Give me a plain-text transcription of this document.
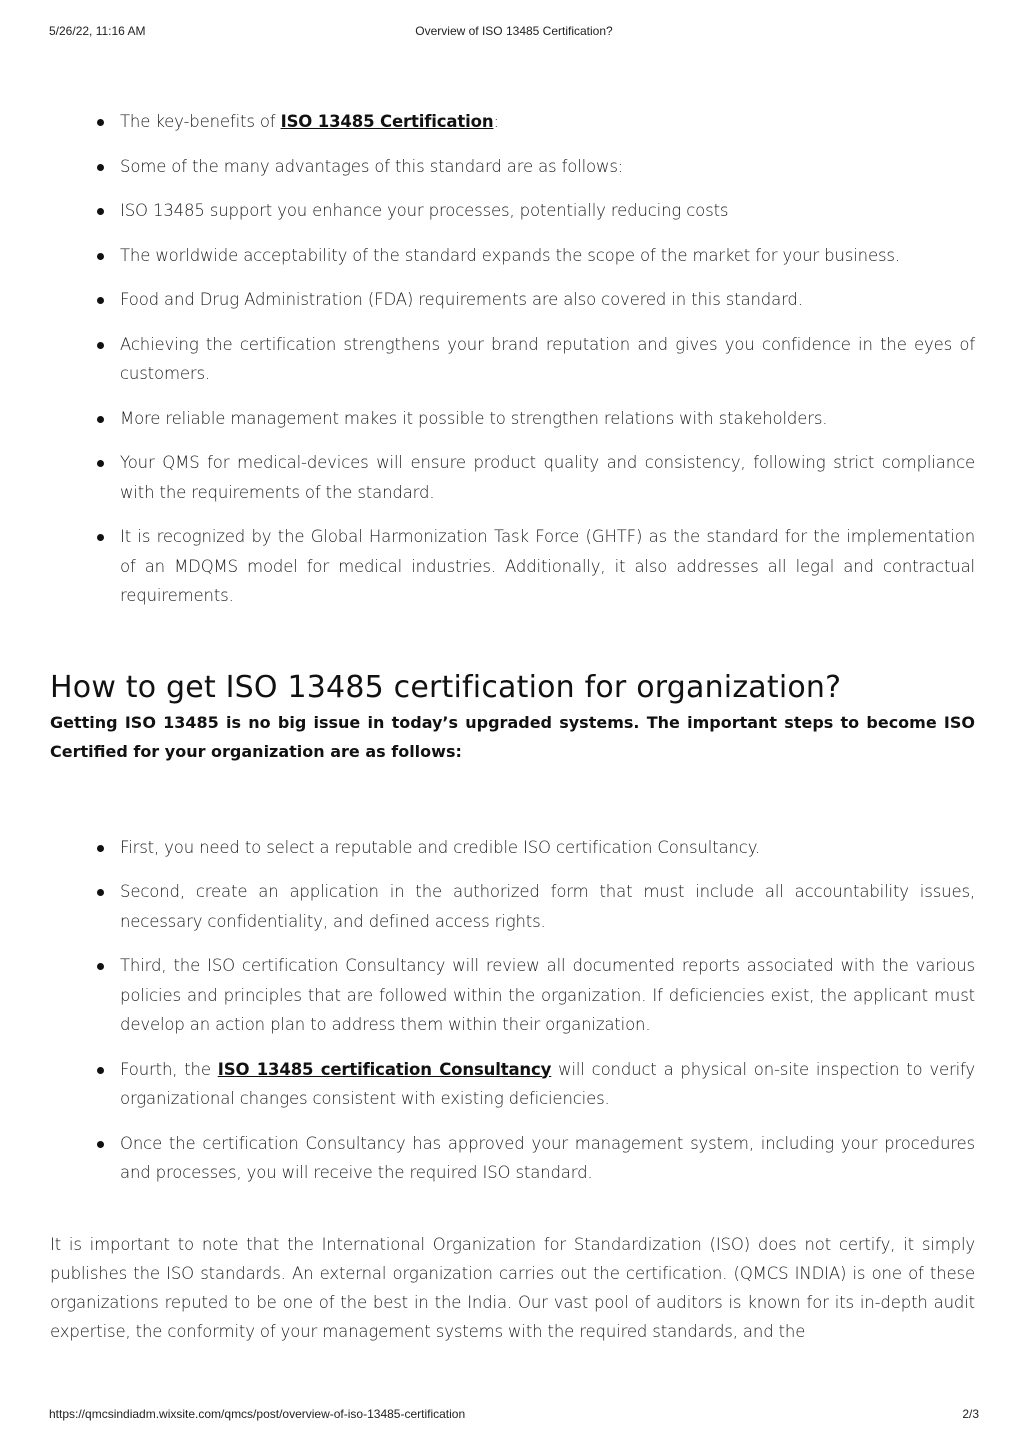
5/26/22, 11:16 AM	Overview of ISO 13485 Certification?
The key-benefits of ISO 13485 Certification:
Some of the many advantages of this standard are as follows:
ISO 13485 support you enhance your processes, potentially reducing costs
The worldwide acceptability of the standard expands the scope of the market for your business.
Food and Drug Administration (FDA) requirements are also covered in this standard.
Achieving the certification strengthens your brand reputation and gives you confidence in the eyes of customers.
More reliable management makes it possible to strengthen relations with stakeholders.
Your QMS for medical-devices will ensure product quality and consistency, following strict compliance with the requirements of the standard.
It is recognized by the Global Harmonization Task Force (GHTF) as the standard for the implementation of an MDQMS model for medical industries. Additionally, it also addresses all legal and contractual requirements.
How to get ISO 13485 certification for organization?

Getting ISO 13485 is no big issue in today’s upgraded systems. The important steps to become ISO Certified for your organization are as follows:

First, you need to select a reputable and credible ISO certification Consultancy.
Second, create an application in the authorized form that must include all accountability issues, necessary confidentiality, and defined access rights.
Third, the ISO certification Consultancy will review all documented reports associated with the various policies and principles that are followed within the organization. If deficiencies exist, the applicant must develop an action plan to address them within their organization.
Fourth, the ISO 13485 certification Consultancy will conduct a physical on-site inspection to verify organizational changes consistent with existing deficiencies.
Once the certification Consultancy has approved your management system, including your procedures and processes, you will receive the required ISO standard.

It is important to note that the International Organization for Standardization (ISO) does not certify, it simply publishes the ISO standards. An external organization carries out the certification. (QMCS INDIA) is one of these organizations reputed to be one of the best in the India. Our vast pool of auditors is known for its in-depth audit expertise, the conformity of your management systems with the required standards, and the

https://qmcsindiadm.wixsite.com/qmcs/post/overview-of-iso-13485-certification	2/3
